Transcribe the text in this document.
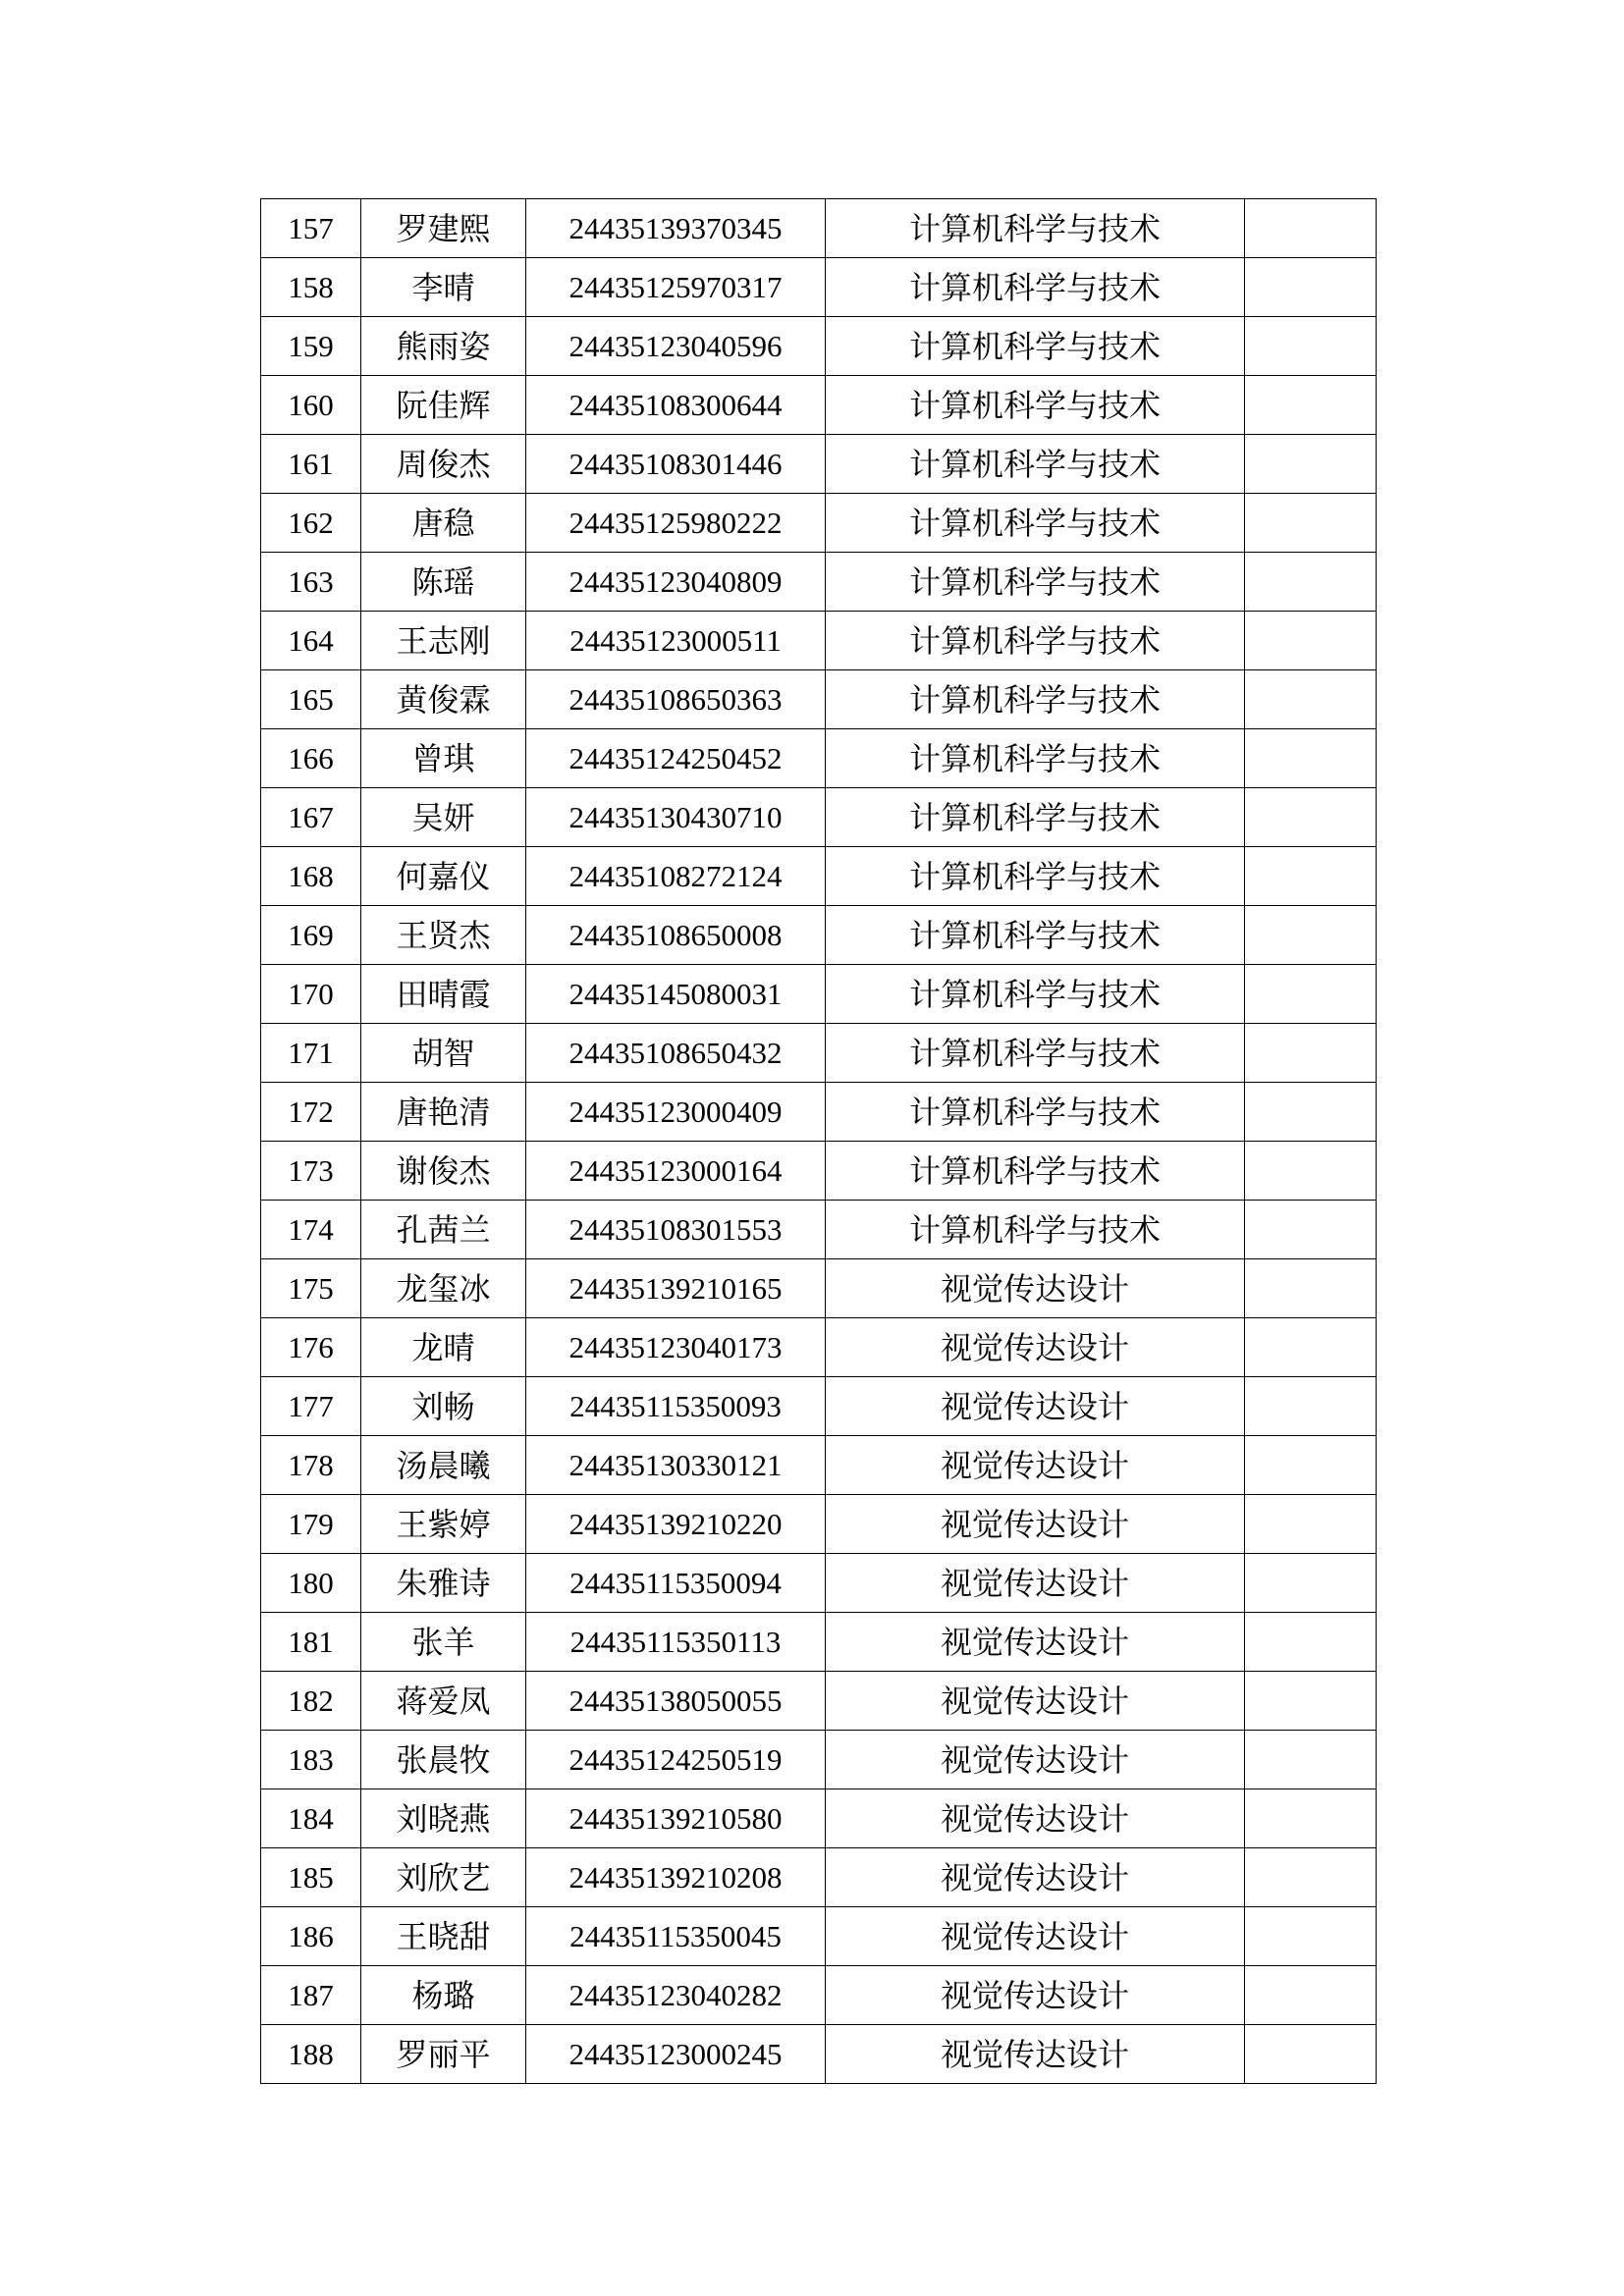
157	罗建熙	24435139370345	计算机科学与技术	
158	李晴	24435125970317	计算机科学与技术	
159	熊雨姿	24435123040596	计算机科学与技术	
160	阮佳辉	24435108300644	计算机科学与技术	
161	周俊杰	24435108301446	计算机科学与技术	
162	唐稳	24435125980222	计算机科学与技术	
163	陈瑶	24435123040809	计算机科学与技术	
164	王志刚	24435123000511	计算机科学与技术	
165	黄俊霖	24435108650363	计算机科学与技术	
166	曾琪	24435124250452	计算机科学与技术	
167	吴妍	24435130430710	计算机科学与技术	
168	何嘉仪	24435108272124	计算机科学与技术	
169	王贤杰	24435108650008	计算机科学与技术	
170	田晴霞	24435145080031	计算机科学与技术	
171	胡智	24435108650432	计算机科学与技术	
172	唐艳清	24435123000409	计算机科学与技术	
173	谢俊杰	24435123000164	计算机科学与技术	
174	孔茜兰	24435108301553	计算机科学与技术	
175	龙玺冰	24435139210165	视觉传达设计	
176	龙晴	24435123040173	视觉传达设计	
177	刘畅	24435115350093	视觉传达设计	
178	汤晨曦	24435130330121	视觉传达设计	
179	王紫婷	24435139210220	视觉传达设计	
180	朱雅诗	24435115350094	视觉传达设计	
181	张羊	24435115350113	视觉传达设计	
182	蒋爱凤	24435138050055	视觉传达设计	
183	张晨牧	24435124250519	视觉传达设计	
184	刘晓燕	24435139210580	视觉传达设计	
185	刘欣艺	24435139210208	视觉传达设计	
186	王晓甜	24435115350045	视觉传达设计	
187	杨璐	24435123040282	视觉传达设计	
188	罗丽平	24435123000245	视觉传达设计	
